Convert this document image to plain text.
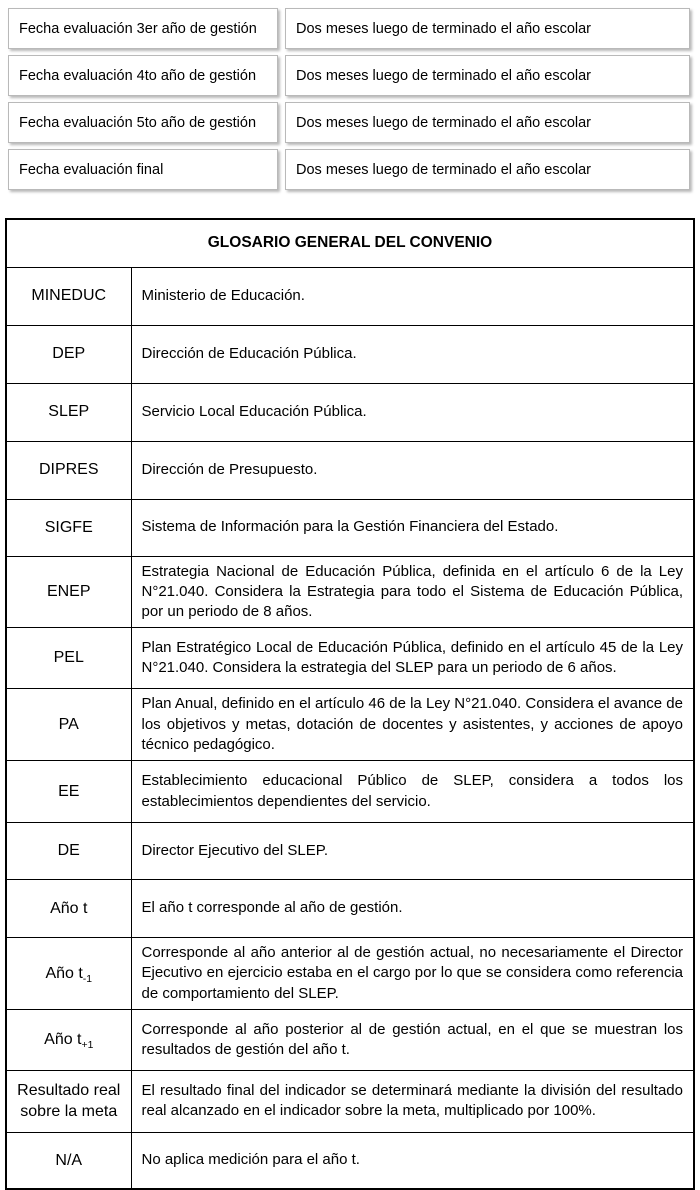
Fecha evaluación 3er año de gestión	Dos meses luego de terminado el año escolar
Fecha evaluación 4to año de gestión	Dos meses luego de terminado el año escolar
Fecha evaluación 5to año de gestión	Dos meses luego de terminado el año escolar
Fecha evaluación final	Dos meses luego de terminado el año escolar
GLOSARIO GENERAL DEL CONVENIO	
MINEDUC	Ministerio de Educación.
DEP	Dirección de Educación Pública.
SLEP	Servicio Local Educación Pública.
DIPRES	Dirección de Presupuesto.
SIGFE	Sistema de Información para la Gestión Financiera del Estado.
ENEP	Estrategia Nacional de Educación Pública, definida en el artículo 6 de la Ley N°21.040. Considera la Estrategia para todo el Sistema de Educación Pública, por un periodo de 8 años.
PEL	Plan Estratégico Local de Educación Pública, definido en el artículo 45 de la Ley N°21.040. Considera la estrategia del SLEP para un periodo de 6 años.
PA	Plan Anual, definido en el artículo 46 de la Ley N°21.040. Considera el avance de los objetivos y metas, dotación de docentes y asistentes, y acciones de apoyo técnico pedagógico.
EE	Establecimiento educacional Público de SLEP, considera a todos los establecimientos dependientes del servicio.
DE	Director Ejecutivo del SLEP.
Año t	El año t corresponde al año de gestión.
Año $t_{-1}$	Corresponde al año anterior al de gestión actual, no necesariamente el Director Ejecutivo en ejercicio estaba en el cargo por lo que se considera como referencia de comportamiento del SLEP.
Año $t_{+1}$	Corresponde al año posterior al de gestión actual, en el que se muestran los resultados de gestión del año t.
Resultado real sobre la meta	El resultado final del indicador se determinará mediante la división del resultado real alcanzado en el indicador sobre la meta, multiplicado por 100%.
N/A	No aplica medición para el año t.
